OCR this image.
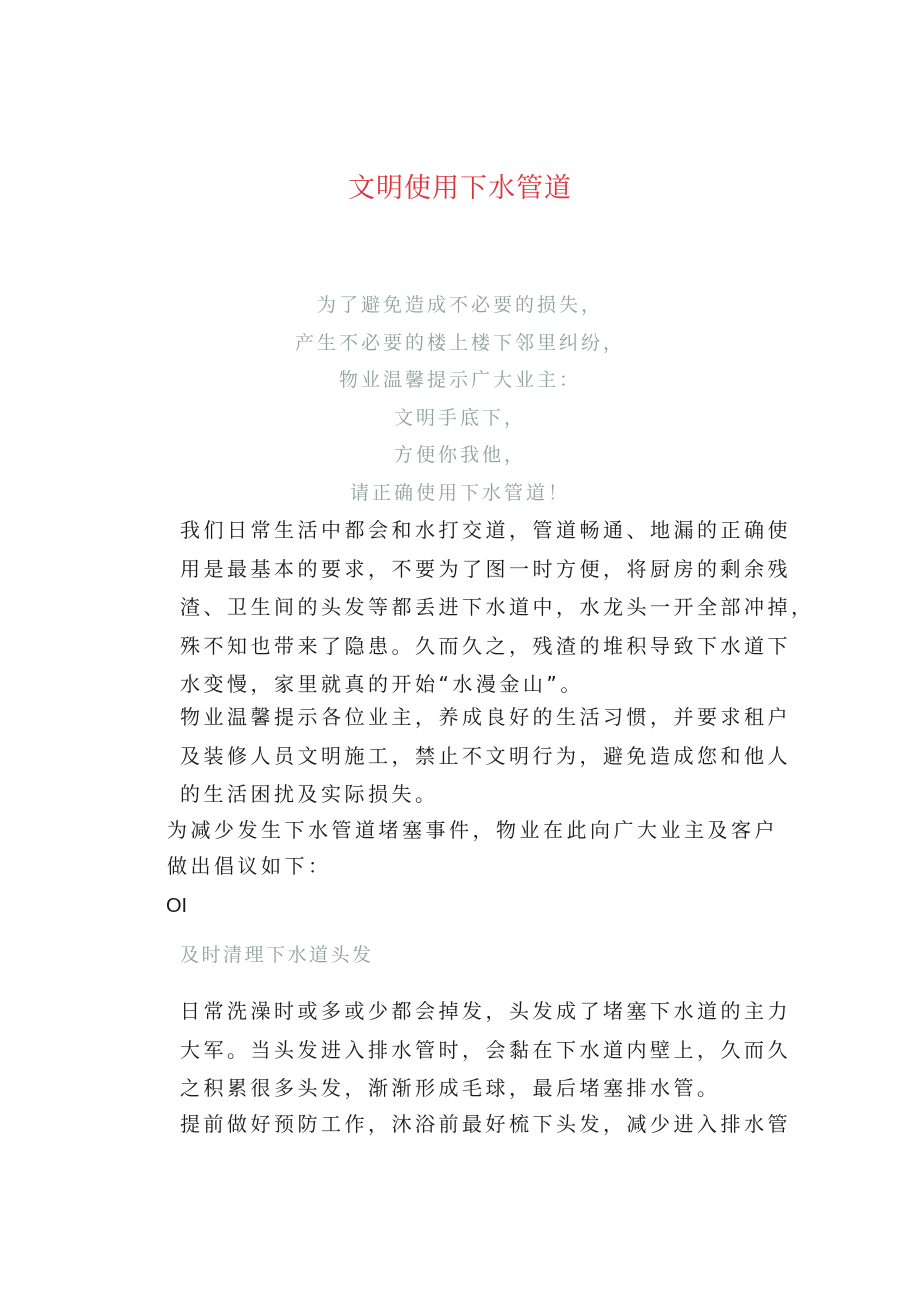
文明使用下水管道
为了避免造成不必要的损失，
产生不必要的楼上楼下邻里纠纷，
物业温馨提示广大业主：
文明手底下，
方便你我他，
请正确使用下水管道！
我们日常生活中都会和水打交道，管道畅通、地漏的正确使
用是最基本的要求，不要为了图一时方便，将厨房的剩余残
渣、卫生间的头发等都丢进下水道中，水龙头一开全部冲掉，
殊不知也带来了隐患。久而久之，残渣的堆积导致下水道下
水变慢，家里就真的开始“水漫金山”。
物业温馨提示各位业主，养成良好的生活习惯，并要求租户
及装修人员文明施工，禁止不文明行为，避免造成您和他人
的生活困扰及实际损失。
为减少发生下水管道堵塞事件，物业在此向广大业主及客户
做出倡议如下：
OI
及时清理下水道头发
日常洗澡时或多或少都会掉发，头发成了堵塞下水道的主力
大军。当头发进入排水管时，会黏在下水道内壁上，久而久
之积累很多头发，渐渐形成毛球，最后堵塞排水管。
提前做好预防工作，沐浴前最好梳下头发，减少进入排水管
